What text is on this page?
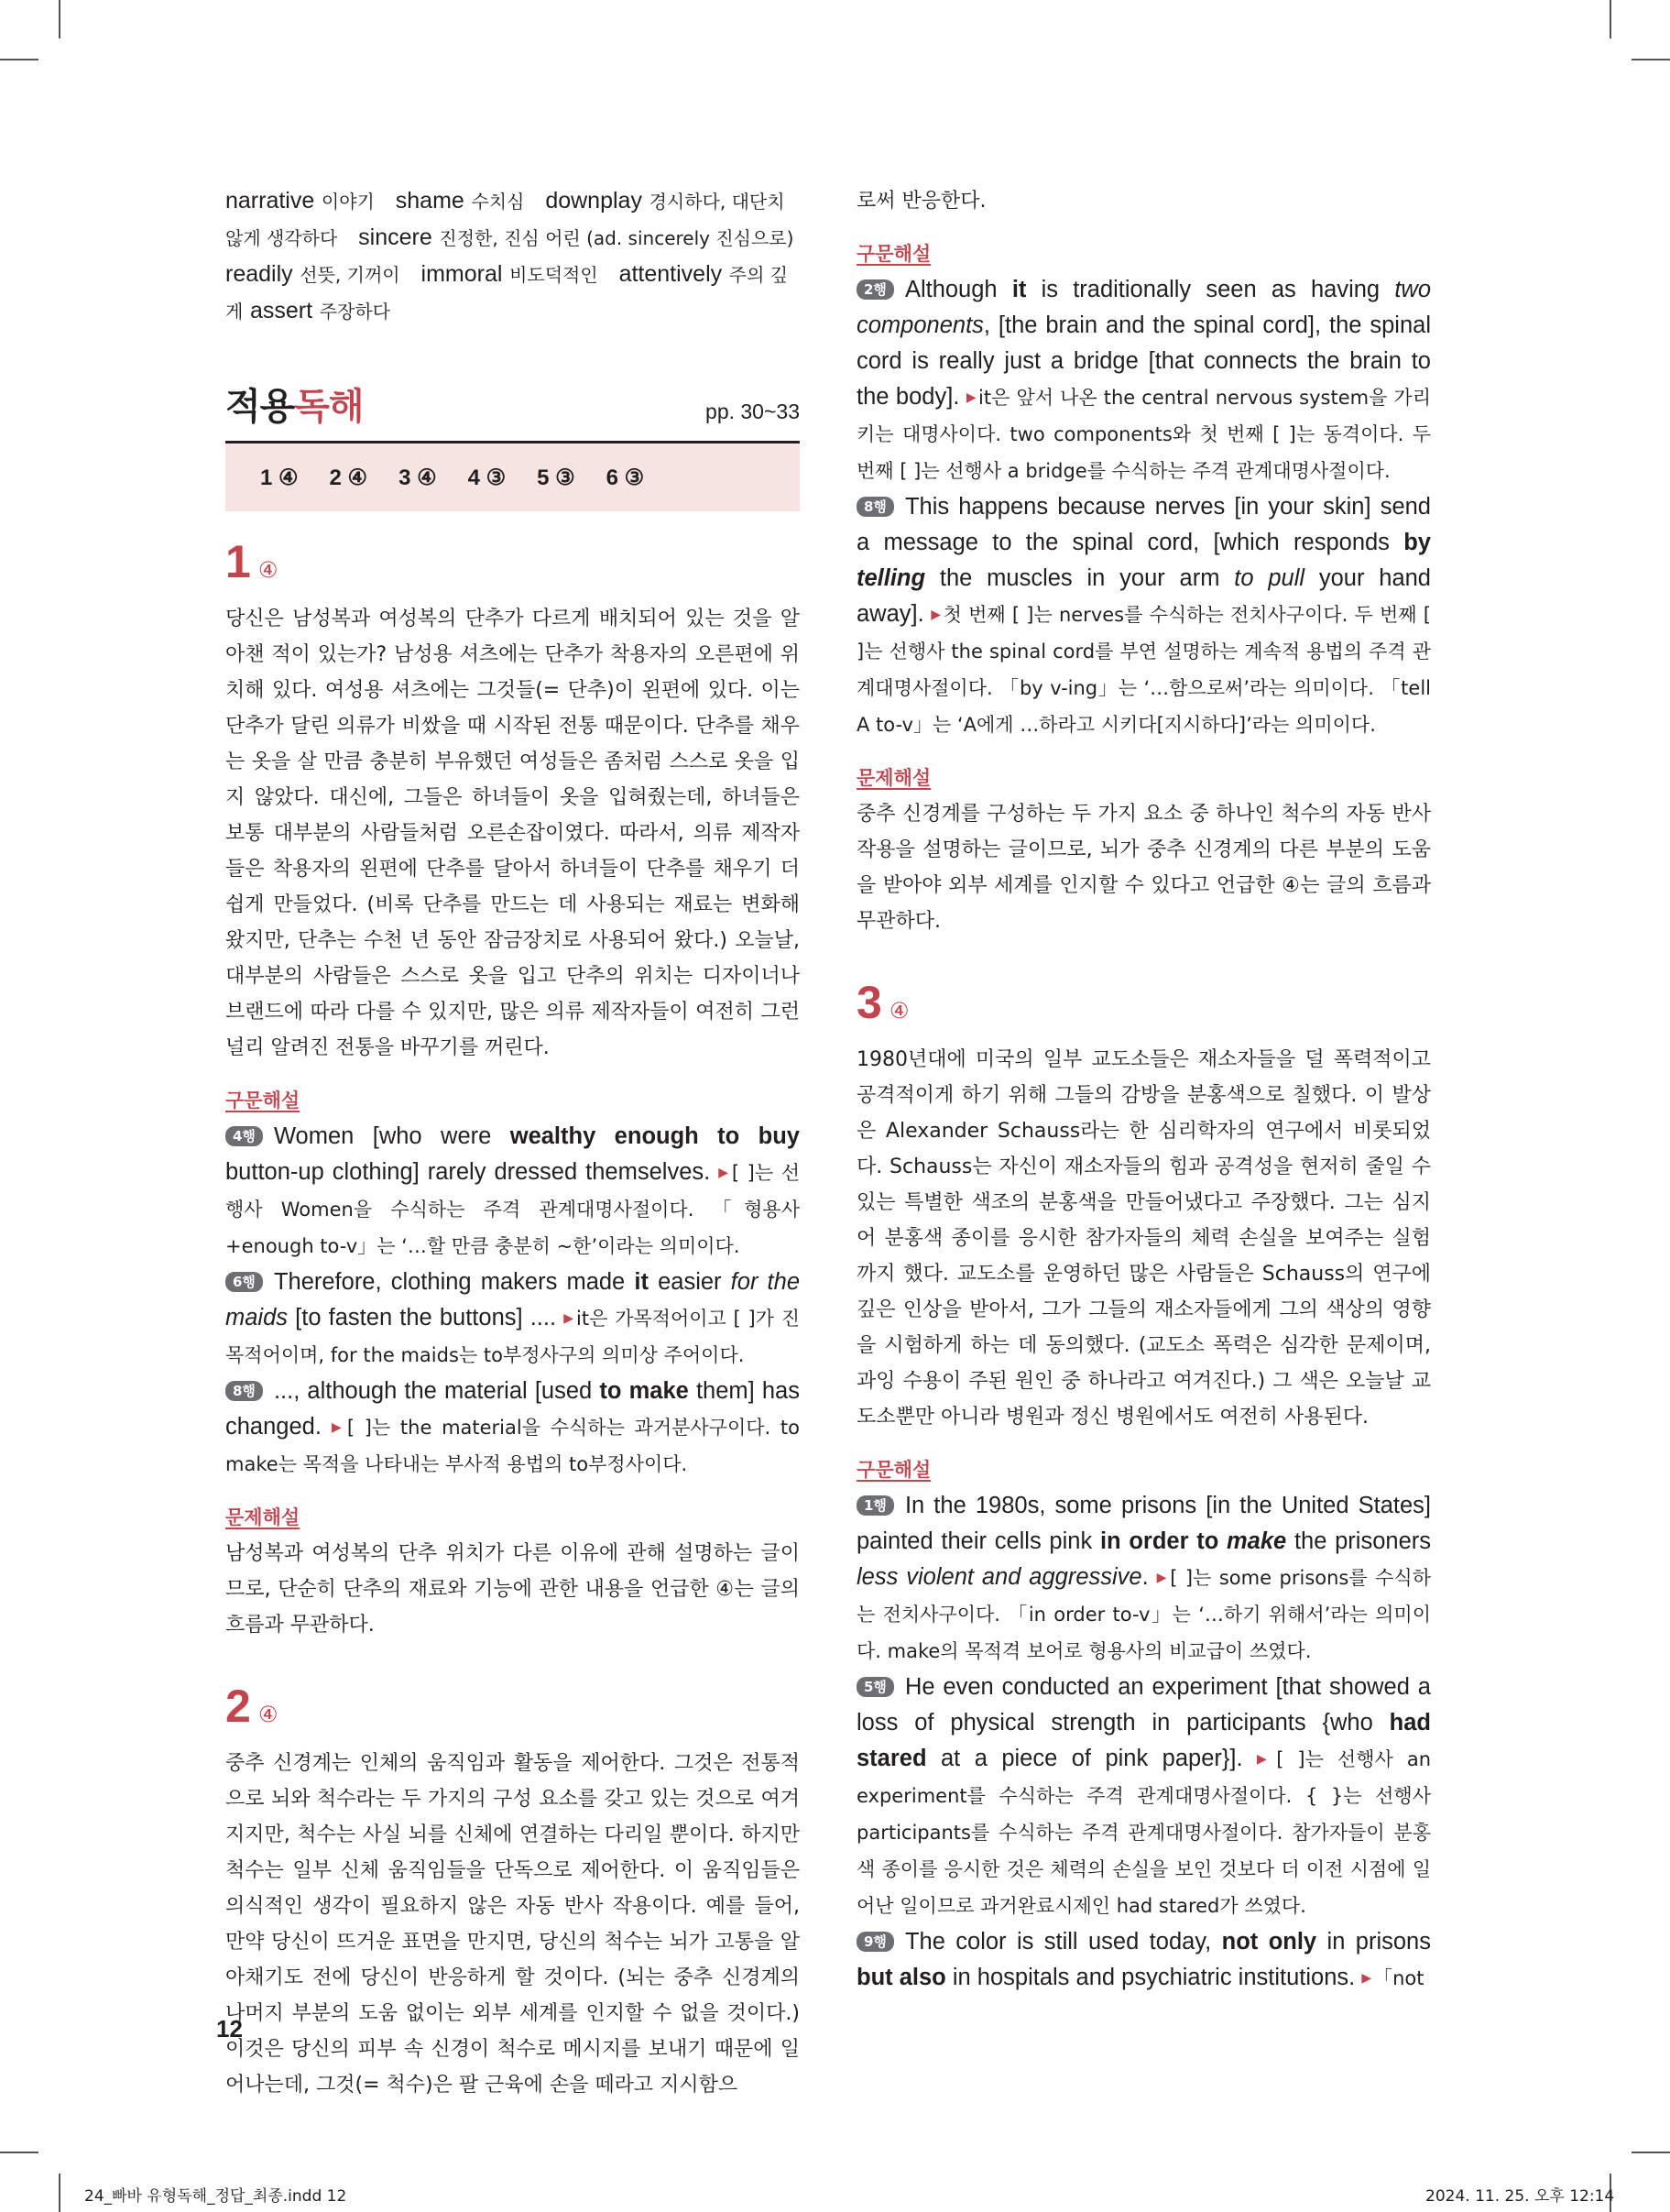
narrative 이야기 shame 수치심 downplay 경시하다, 대단치 않게 생각하다 sincere 진정한, 진심 어린 (ad. sincerely 진심으로) readily 선뜻, 기꺼이 immoral 비도덕적인 attentively 주의 깊게 assert 주장하다

적용독해	pp. 30~33
1 ④ 2 ④ 3 ④ 4 ③ 5 ③ 6 ③
1 ④

당신은 남성복과 여성복의 단추가 다르게 배치되어 있는 것을 알아챈 적이 있는가? 남성용 셔츠에는 단추가 착용자의 오른편에 위치해 있다. 여성용 셔츠에는 그것들(= 단추)이 왼편에 있다. 이는 단추가 달린 의류가 비쌌을 때 시작된 전통 때문이다. 단추를 채우는 옷을 살 만큼 충분히 부유했던 여성들은 좀처럼 스스로 옷을 입지 않았다. 대신에, 그들은 하녀들이 옷을 입혀줬는데, 하녀들은 보통 대부분의 사람들처럼 오른손잡이였다. 따라서, 의류 제작자들은 착용자의 왼편에 단추를 달아서 하녀들이 단추를 채우기 더 쉽게 만들었다. (비록 단추를 만드는 데 사용되는 재료는 변화해 왔지만, 단추는 수천 년 동안 잠금장치로 사용되어 왔다.) 오늘날, 대부분의 사람들은 스스로 옷을 입고 단추의 위치는 디자이너나 브랜드에 따라 다를 수 있지만, 많은 의류 제작자들이 여전히 그런 널리 알려진 전통을 바꾸기를 꺼린다.

구문해설

4행 Women [who were wealthy enough to buy button-up clothing] rarely dressed themselves. ▶[ ]는 선행사 Women을 수식하는 주격 관계대명사절이다. 「형용사+enough to-v」는 ‘…할 만큼 충분히 ~한’이라는 의미이다.

6행 Therefore, clothing makers made it easier for the maids [to fasten the buttons] .... ▶it은 가목적어이고 [ ]가 진목적어이며, for the maids는 to부정사구의 의미상 주어이다.

8행 ..., although the material [used to make them] has changed. ▶[ ]는 the material을 수식하는 과거분사구이다. to make는 목적을 나타내는 부사적 용법의 to부정사이다.

문제해설

남성복과 여성복의 단추 위치가 다른 이유에 관해 설명하는 글이므로, 단순히 단추의 재료와 기능에 관한 내용을 언급한 ④는 글의 흐름과 무관하다.

2 ④

중추 신경계는 인체의 움직임과 활동을 제어한다. 그것은 전통적으로 뇌와 척수라는 두 가지의 구성 요소를 갖고 있는 것으로 여겨지지만, 척수는 사실 뇌를 신체에 연결하는 다리일 뿐이다. 하지만 척수는 일부 신체 움직임들을 단독으로 제어한다. 이 움직임들은 의식적인 생각이 필요하지 않은 자동 반사 작용이다. 예를 들어, 만약 당신이 뜨거운 표면을 만지면, 당신의 척수는 뇌가 고통을 알아채기도 전에 당신이 반응하게 할 것이다. (뇌는 중추 신경계의 나머지 부분의 도움 없이는 외부 세계를 인지할 수 없을 것이다.) 이것은 당신의 피부 속 신경이 척수로 메시지를 보내기 때문에 일어나는데, 그것(= 척수)은 팔 근육에 손을 떼라고 지시함으

로써 반응한다.

구문해설

2행 Although it is traditionally seen as having two components, [the brain and the spinal cord], the spinal cord is really just a bridge [that connects the brain to the body]. ▶it은 앞서 나온 the central nervous system을 가리키는 대명사이다. two components와 첫 번째 [ ]는 동격이다. 두 번째 [ ]는 선행사 a bridge를 수식하는 주격 관계대명사절이다.

8행 This happens because nerves [in your skin] send a message to the spinal cord, [which responds by telling the muscles in your arm to pull your hand away]. ▶첫 번째 [ ]는 nerves를 수식하는 전치사구이다. 두 번째 [ ]는 선행사 the spinal cord를 부연 설명하는 계속적 용법의 주격 관계대명사절이다. 「by v-ing」는 ‘…함으로써’라는 의미이다. 「tell A to-v」는 ‘A에게 …하라고 시키다[지시하다]’라는 의미이다.

문제해설

중추 신경계를 구성하는 두 가지 요소 중 하나인 척수의 자동 반사 작용을 설명하는 글이므로, 뇌가 중추 신경계의 다른 부분의 도움을 받아야 외부 세계를 인지할 수 있다고 언급한 ④는 글의 흐름과 무관하다.

3 ④

1980년대에 미국의 일부 교도소들은 재소자들을 덜 폭력적이고 공격적이게 하기 위해 그들의 감방을 분홍색으로 칠했다. 이 발상은 Alexander Schauss라는 한 심리학자의 연구에서 비롯되었다. Schauss는 자신이 재소자들의 힘과 공격성을 현저히 줄일 수 있는 특별한 색조의 분홍색을 만들어냈다고 주장했다. 그는 심지어 분홍색 종이를 응시한 참가자들의 체력 손실을 보여주는 실험까지 했다. 교도소를 운영하던 많은 사람들은 Schauss의 연구에 깊은 인상을 받아서, 그가 그들의 재소자들에게 그의 색상의 영향을 시험하게 하는 데 동의했다. (교도소 폭력은 심각한 문제이며, 과잉 수용이 주된 원인 중 하나라고 여겨진다.) 그 색은 오늘날 교도소뿐만 아니라 병원과 정신 병원에서도 여전히 사용된다.

구문해설

1행 In the 1980s, some prisons [in the United States] painted their cells pink in order to make the prisoners less violent and aggressive. ▶[ ]는 some prisons를 수식하는 전치사구이다. 「in order to-v」는 ‘…하기 위해서’라는 의미이다. make의 목적격 보어로 형용사의 비교급이 쓰였다.

5행 He even conducted an experiment [that showed a loss of physical strength in participants {who had stared at a piece of pink paper}]. ▶[ ]는 선행사 an experiment를 수식하는 주격 관계대명사절이다. { }는 선행사 participants를 수식하는 주격 관계대명사절이다. 참가자들이 분홍색 종이를 응시한 것은 체력의 손실을 보인 것보다 더 이전 시점에 일어난 일이므로 과거완료시제인 had stared가 쓰였다.

9행 The color is still used today, not only in prisons but also in hospitals and psychiatric institutions. ▶「not

12
24_빠바 유형독해_정답_최종.indd 12	2024. 11. 25. 오후 12:14
